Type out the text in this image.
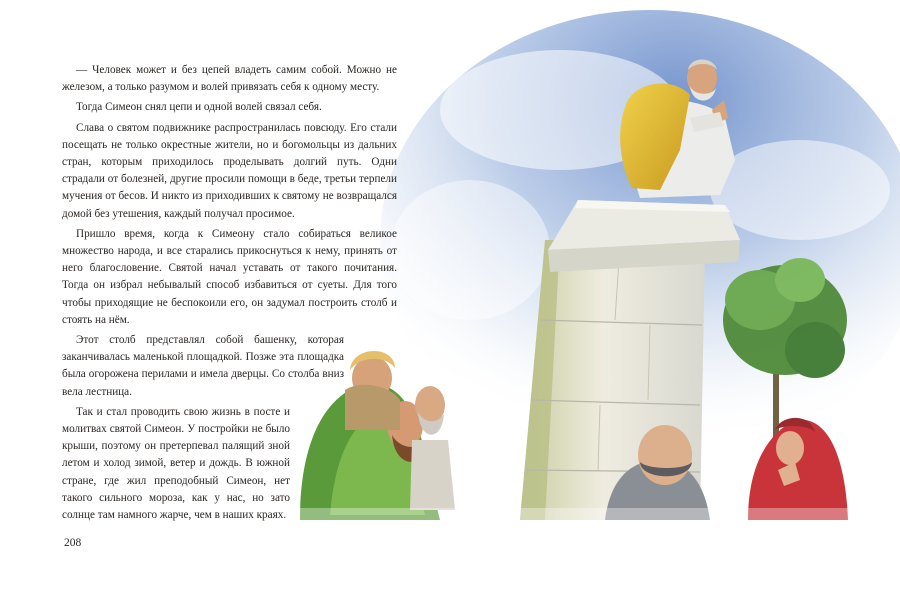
— Человек может и без цепей владеть самим собой. Можно не железом, а только разумом и волей привязать себя к одному месту.

Тогда Симеон снял цепи и одной волей связал себя.

Слава о святом подвижнике распространилась повсюду. Его стали посещать не только окрестные жители, но и богомольцы из дальних стран, которым приходилось проделывать долгий путь. Одни страдали от болезней, другие просили помощи в беде, третьи терпели мучения от бесов. И никто из приходивших к святому не возвращался домой без утешения, каждый получал просимое.

Пришло время, когда к Симеону стало собираться великое множество народа, и все старались прикоснуться к нему, принять от него благословение. Святой начал уставать от такого почитания. Тогда он избрал небывалый способ избавиться от суеты. Для того чтобы приходящие не беспокоили его, он задумал построить столб и стоять на нём.

Этот столб представлял собой башенку, которая заканчивалась маленькой площадкой. Позже эта площадка была огорожена перилами и имела дверцы. Со столба вниз вела лестница.

Так и стал проводить свою жизнь в посте и молитвах святой Симеон. У постройки не было крыши, поэтому он претерпевал палящий зной летом и холод зимой, ветер и дождь. В южной стране, где жил преподобный Симеон, нет такого сильного мороза, как у нас, но зато солнце там намного жарче, чем в наших краях.

208
